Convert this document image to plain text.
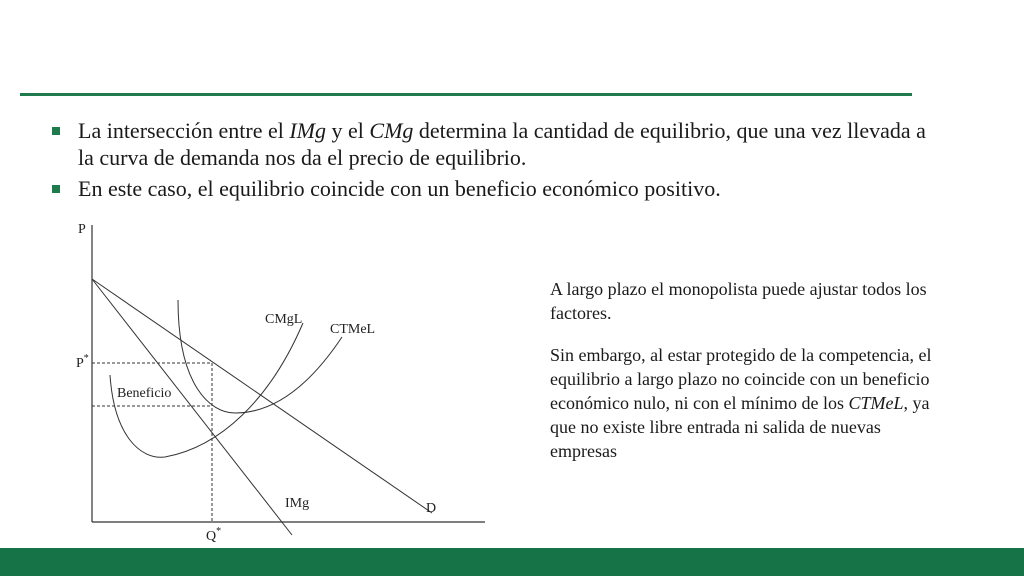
La intersección entre el IMg y el CMg determina la cantidad de equilibrio, que una vez llevada a la curva de demanda nos da el precio de equilibrio.
En este caso, el equilibrio coincide con un beneficio económico positivo.
P
P*
Q*
CMgL
CTMeL
Beneficio
IMg	D

A largo plazo el monopolista puede ajustar todos los factores.

Sin embargo, al estar protegido de la competencia, el equilibrio a largo plazo no coincide con un beneficio económico nulo, ni con el mínimo de los CTMeL, ya que no existe libre entrada ni salida de nuevas empresas
